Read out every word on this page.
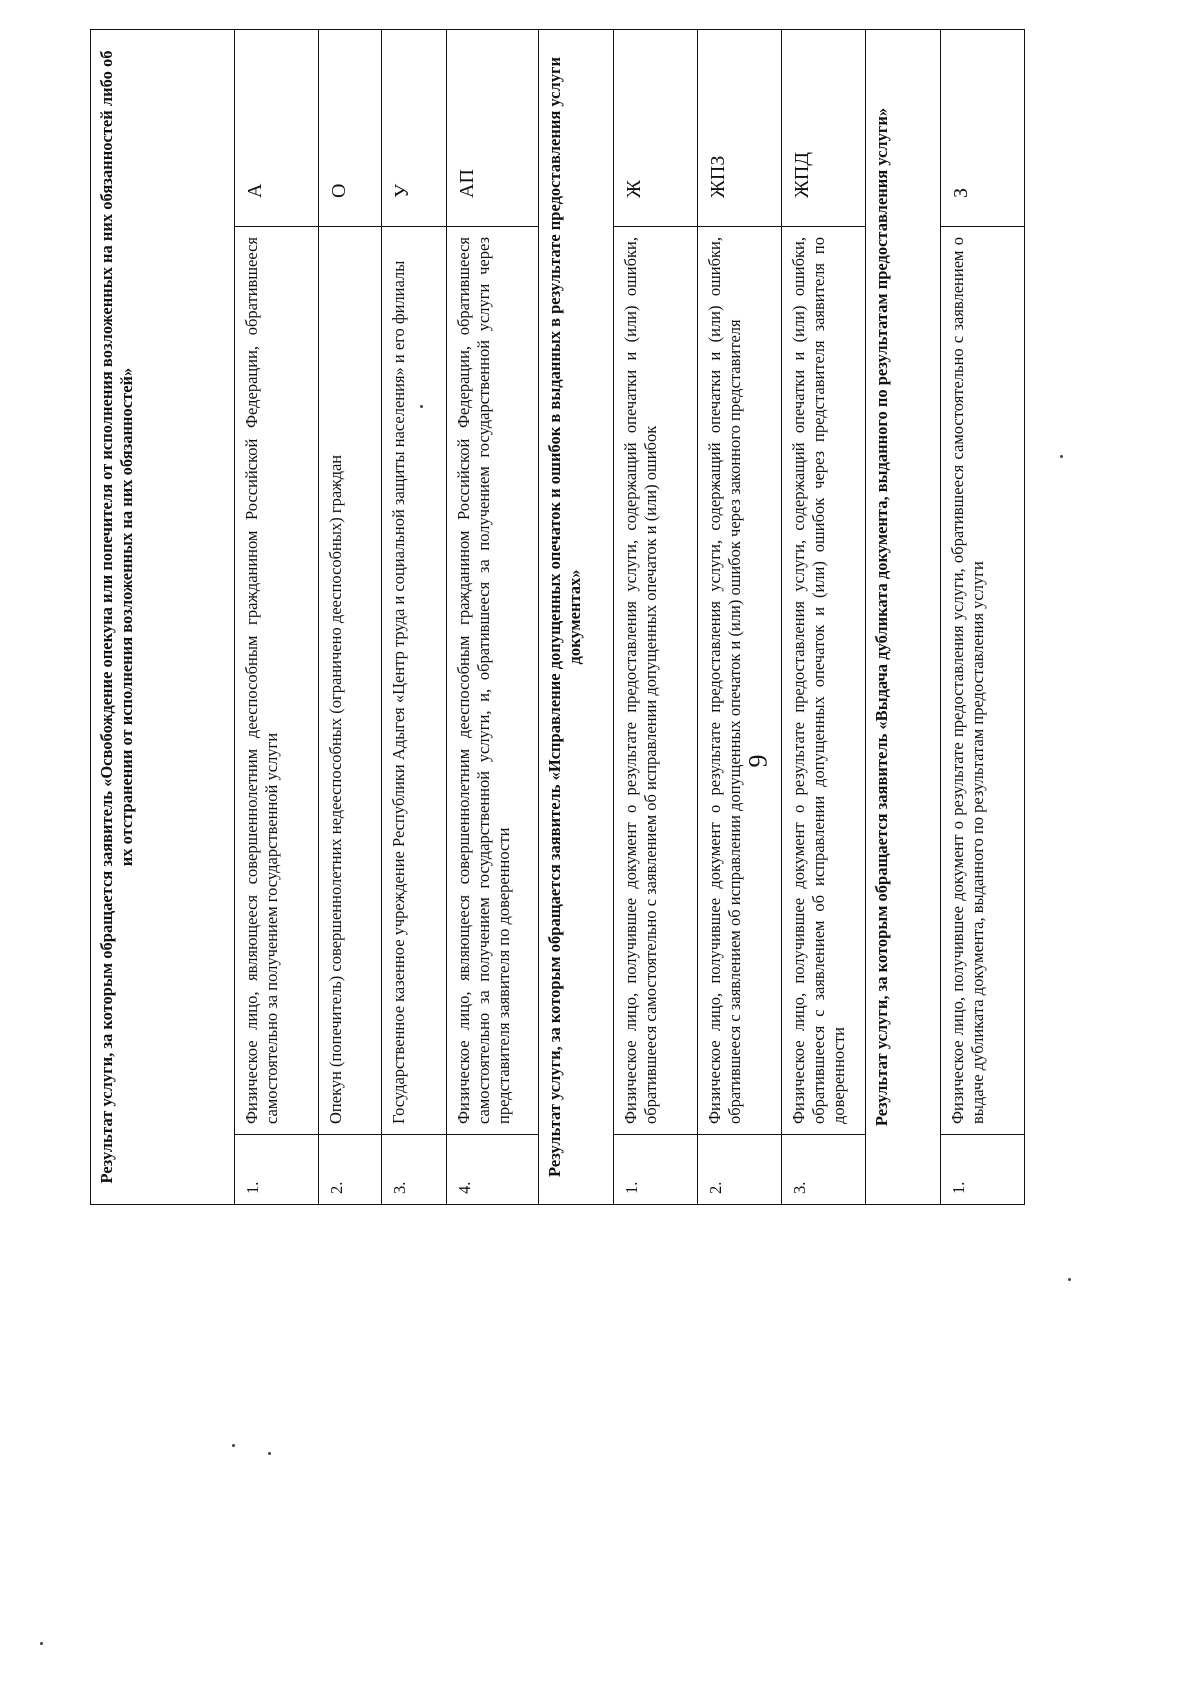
9
Результат услуги, за которым обращается заявитель «Освобождение опекуна или попечителя от исполнения возложенных на них обязанностей либо об их отстранении от исполнения возложенных на них обязанностей»		
1.	Физическое лицо, являющееся совершеннолетним дееспособным гражданином Российской Федерации, обратившееся самостоятельно за получением государственной услуги	А
2.	Опекун (попечитель) совершеннолетних недееспособных (ограничено дееспособных) граждан	О
3.	Государственное казенное учреждение Республики Адыгея «Центр труда и социальной защиты населения» и его филиалы	У
4.	Физическое лицо, являющееся совершеннолетним дееспособным гражданином Российской Федерации, обратившееся самостоятельно за получением государственной услуги, и, обратившееся за получением государственной услуги через представителя заявителя по доверенности	АП
Результат услуги, за которым обращается заявитель «Исправление допущенных опечаток и ошибок в выданных в результате предоставления услуги документах»		
1.	Физическое лицо, получившее документ о результате предоставления услуги, содержащий опечатки и (или) ошибки, обратившееся самостоятельно с заявлением об исправлении допущенных опечаток и (или) ошибок	Ж
2.	Физическое лицо, получившее документ о результате предоставления услуги, содержащий опечатки и (или) ошибки, обратившееся с заявлением об исправлении допущенных опечаток и (или) ошибок через законного представителя	ЖПЗ
3.	Физическое лицо, получившее документ о результате предоставления услуги, содержащий опечатки и (или) ошибки, обратившееся с заявлением об исправлении допущенных опечаток и (или) ошибок через представителя заявителя по доверенности	ЖПД
Результат услуги, за которым обращается заявитель «Выдача дубликата документа, выданного по результатам предоставления услуги»		
1.	Физическое лицо, получившее документ о результате предоставления услуги, обратившееся самостоятельно с заявлением о выдаче дубликата документа, выданного по результатам предоставления услуги	З
